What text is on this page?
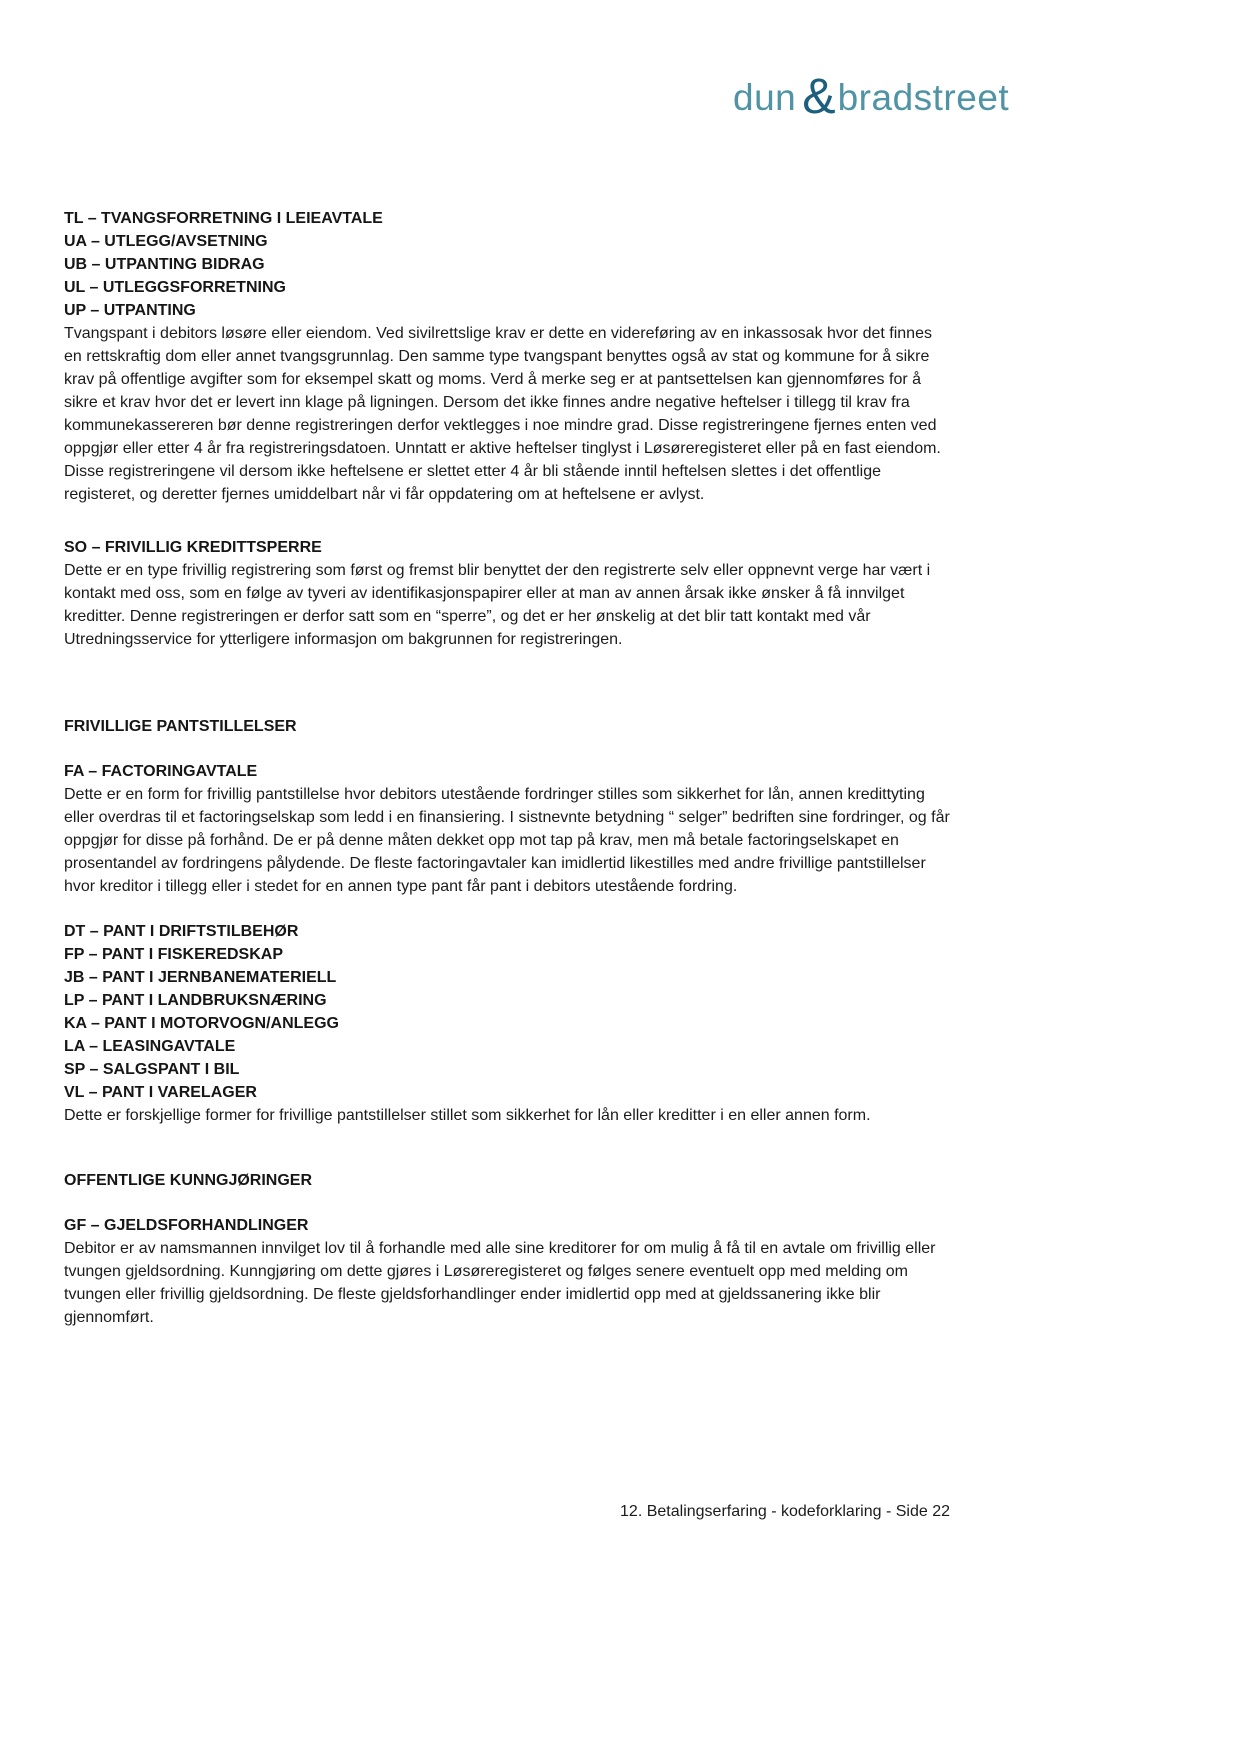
dun & bradstreet
TL – TVANGSFORRETNING I LEIEAVTALE
UA – UTLEGG/AVSETNING
UB – UTPANTING BIDRAG
UL – UTLEGGSFORRETNING
UP – UTPANTING

Tvangspant i debitors løsøre eller eiendom. Ved sivilrettslige krav er dette en videreføring av en inkassosak hvor det finnes en rettskraftig dom eller annet tvangsgrunnlag. Den samme type tvangspant benyttes også av stat og kommune for å sikre krav på offentlige avgifter som for eksempel skatt og moms. Verd å merke seg er at pantsettelsen kan gjennomføres for å sikre et krav hvor det er levert inn klage på ligningen. Dersom det ikke finnes andre negative heftelser i tillegg til krav fra kommunekassereren bør denne registreringen derfor vektlegges i noe mindre grad. Disse registreringene fjernes enten ved oppgjør eller etter 4 år fra registreringsdatoen. Unntatt er aktive heftelser tinglyst i Løsøreregisteret eller på en fast eiendom. Disse registreringene vil dersom ikke heftelsene er slettet etter 4 år bli stående inntil heftelsen slettes i det offentlige registeret, og deretter fjernes umiddelbart når vi får oppdatering om at heftelsene er avlyst.

SO – FRIVILLIG KREDITTSPERRE

Dette er en type frivillig registrering som først og fremst blir benyttet der den registrerte selv eller oppnevnt verge har vært i kontakt med oss, som en følge av tyveri av identifikasjonspapirer eller at man av annen årsak ikke ønsker å få innvilget kreditter. Denne registreringen er derfor satt som en “sperre”, og det er her ønskelig at det blir tatt kontakt med vår Utredningsservice for ytterligere informasjon om bakgrunnen for registreringen.

FRIVILLIGE PANTSTILLELSER
FA – FACTORINGAVTALE

Dette er en form for frivillig pantstillelse hvor debitors utestående fordringer stilles som sikkerhet for lån, annen kredittyting eller overdras til et factoringselskap som ledd i en finansiering. I sistnevnte betydning “ selger” bedriften sine fordringer, og får oppgjør for disse på forhånd. De er på denne måten dekket opp mot tap på krav, men må betale factoringselskapet en prosentandel av fordringens pålydende. De fleste factoringavtaler kan imidlertid likestilles med andre frivillige pantstillelser hvor kreditor i tillegg eller i stedet for en annen type pant får pant i debitors utestående fordring.

DT – PANT I DRIFTSTILBEHØR
FP – PANT I FISKEREDSKAP
JB – PANT I JERNBANEMATERIELL
LP – PANT I LANDBRUKSNÆRING
KA – PANT I MOTORVOGN/ANLEGG
LA – LEASINGAVTALE
SP – SALGSPANT I BIL
VL – PANT I VARELAGER

Dette er forskjellige former for frivillige pantstillelser stillet som sikkerhet for lån eller kreditter i en eller annen form.

OFFENTLIGE KUNNGJØRINGER
GF – GJELDSFORHANDLINGER

Debitor er av namsmannen innvilget lov til å forhandle med alle sine kreditorer for om mulig å få til en avtale om frivillig eller tvungen gjeldsordning. Kunngjøring om dette gjøres i Løsøreregisteret og følges senere eventuelt opp med melding om tvungen eller frivillig gjeldsordning. De fleste gjeldsforhandlinger ender imidlertid opp med at gjeldssanering ikke blir gjennomført.

12. Betalingserfaring - kodeforklaring - Side 22
